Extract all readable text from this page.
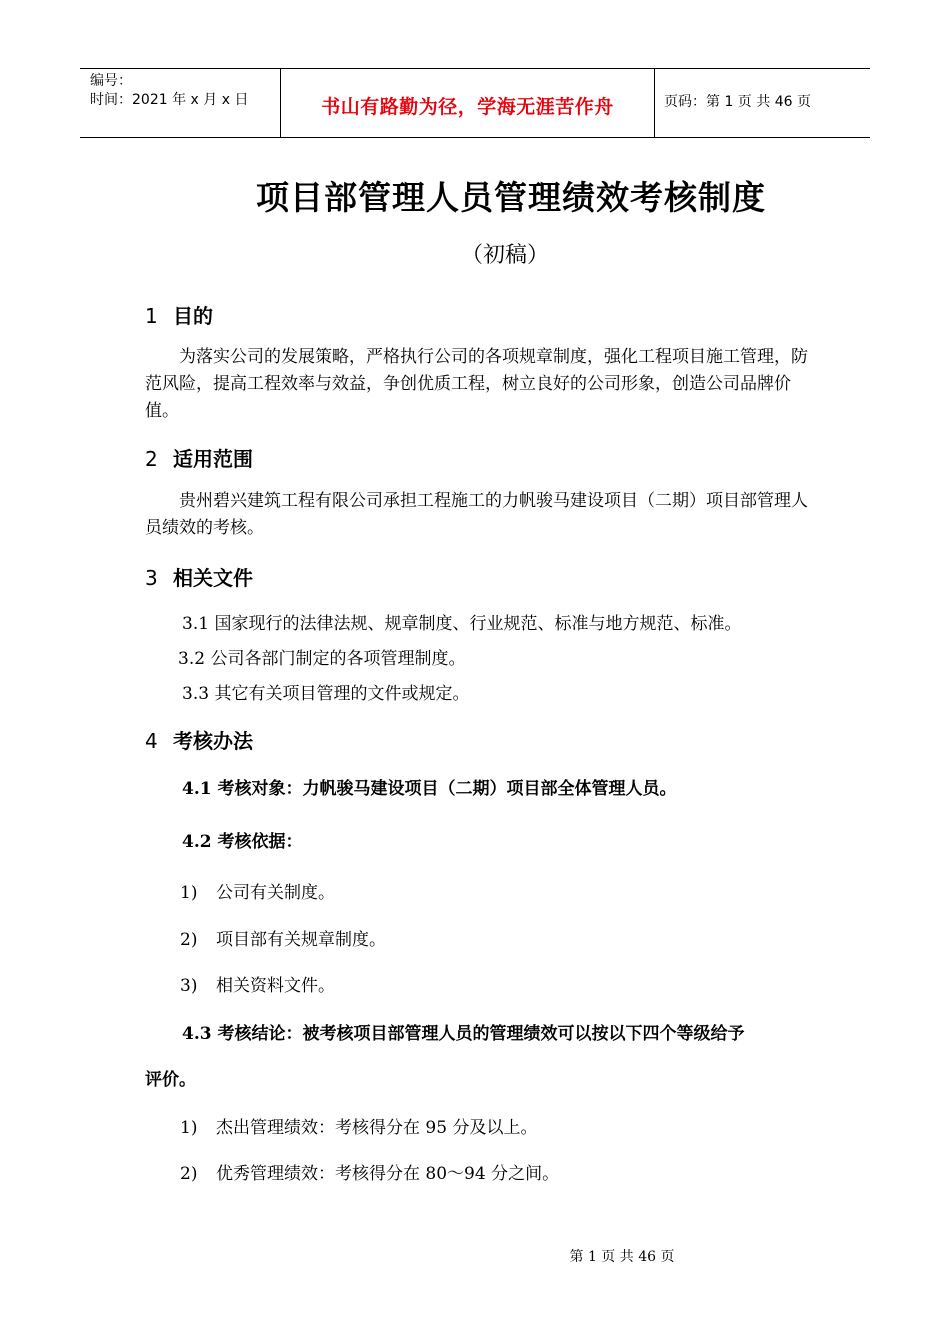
编号：
时间：2021 年 x 月 x 日	书山有路勤为径，学海无涯苦作舟	页码：第 1 页 共 46 页
项目部管理人员管理绩效考核制度
（初稿）
1 目的
为落实公司的发展策略，严格执行公司的各项规章制度，强化工程项目施工管理，防范风险，提高工程效率与效益，争创优质工程，树立良好的公司形象，创造公司品牌价值。
2 适用范围
贵州碧兴建筑工程有限公司承担工程施工的力帆骏马建设项目（二期）项目部管理人员绩效的考核。
3 相关文件
3.1 国家现行的法律法规、规章制度、行业规范、标准与地方规范、标准。
3.2 公司各部门制定的各项管理制度。
3.3 其它有关项目管理的文件或规定。
4 考核办法
4.1 考核对象：力帆骏马建设项目（二期）项目部全体管理人员。
4.2 考核依据：
1) 公司有关制度。
2) 项目部有关规章制度。
3) 相关资料文件。
4.3 考核结论：被考核项目部管理人员的管理绩效可以按以下四个等级给予
评价。
1) 杰出管理绩效：考核得分在 95 分及以上。
2) 优秀管理绩效：考核得分在 80～94 分之间。
第 1 页 共 46 页
